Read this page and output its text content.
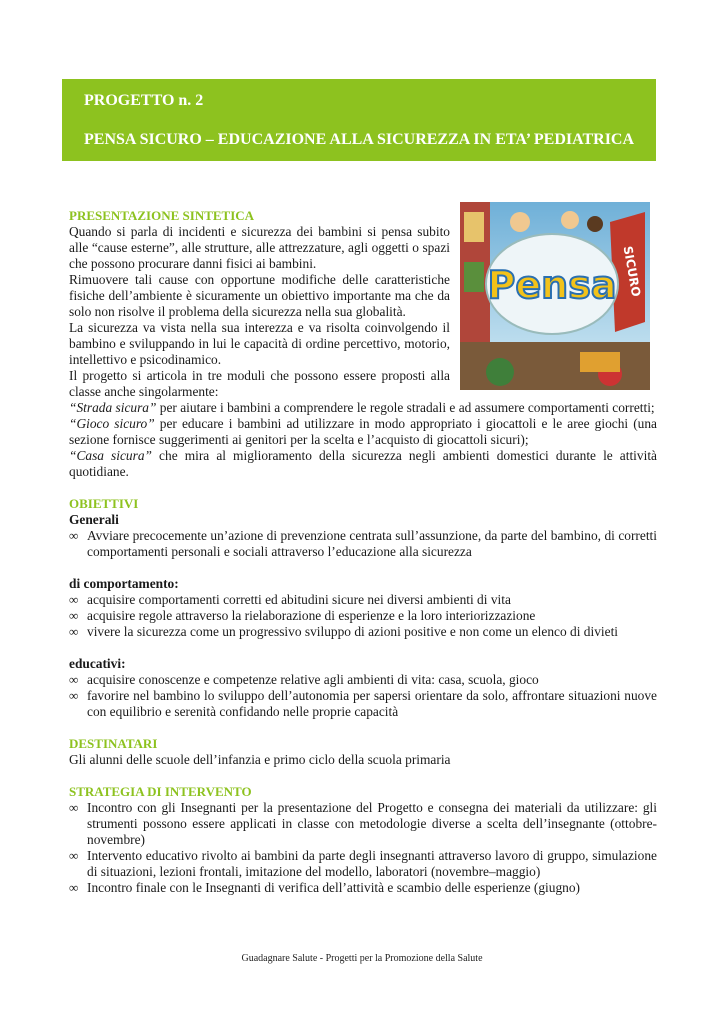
PROGETTO n. 2
PENSA SICURO – EDUCAZIONE ALLA SICUREZZA IN ETA’ PEDIATRICA
Pensa SICURO
PRESENTAZIONE SINTETICA
Quando si parla di incidenti e sicurezza dei bambini si pensa subito alle “cause esterne”, alle strutture, alle attrezzature, agli oggetti o spazi che possono procurare danni fisici ai bambini.
Rimuovere tali cause con opportune modifiche delle caratteristiche fisiche dell’ambiente è sicuramente un obiettivo importante ma che da solo non risolve il problema della sicurezza nella sua globalità.
La sicurezza va vista nella sua interezza e va risolta coinvolgendo il bambino e sviluppando in lui le capacità di ordine percettivo, motorio, intellettivo e psicodinamico.
Il progetto si articola in tre moduli che possono essere proposti alla classe anche singolarmente:
“Strada sicura” per aiutare i bambini a comprendere le regole stradali e ad assumere comportamenti corretti;
“Gioco sicuro” per educare i bambini ad utilizzare in modo appropriato i giocattoli e le aree giochi (una sezione fornisce suggerimenti ai genitori per la scelta e l’acquisto di giocattoli sicuri);
“Casa sicura” che mira al miglioramento della sicurezza negli ambienti domestici durante le attività quotidiane.
OBIETTIVI
Generali
∞ Avviare precocemente un’azione di prevenzione centrata sull’assunzione, da parte del bambino, di corretti comportamenti personali e sociali attraverso l’educazione alla sicurezza
di comportamento:
∞ acquisire comportamenti corretti ed abitudini sicure nei diversi ambienti di vita
∞ acquisire regole attraverso la rielaborazione di esperienze e la loro interiorizzazione
∞ vivere la sicurezza come un progressivo sviluppo di azioni positive e non come un elenco di divieti
educativi:
∞ acquisire conoscenze e competenze relative agli ambienti di vita: casa, scuola, gioco
∞ favorire nel bambino lo sviluppo dell’autonomia per sapersi orientare da solo, affrontare situazioni nuove con equilibrio e serenità confidando nelle proprie capacità
DESTINATARI
Gli alunni delle scuole dell’infanzia e primo ciclo della scuola primaria
STRATEGIA DI INTERVENTO
∞ Incontro con gli Insegnanti per la presentazione del Progetto e consegna dei materiali da utilizzare: gli strumenti possono essere applicati in classe con metodologie diverse a scelta dell’insegnante (ottobre-novembre)
∞ Intervento educativo rivolto ai bambini da parte degli insegnanti attraverso lavoro di gruppo, simulazione di situazioni, lezioni frontali, imitazione del modello, laboratori (novembre–maggio)
∞ Incontro finale con le Insegnanti di verifica dell’attività e scambio delle esperienze (giugno)
Guadagnare Salute - Progetti per la Promozione della Salute
